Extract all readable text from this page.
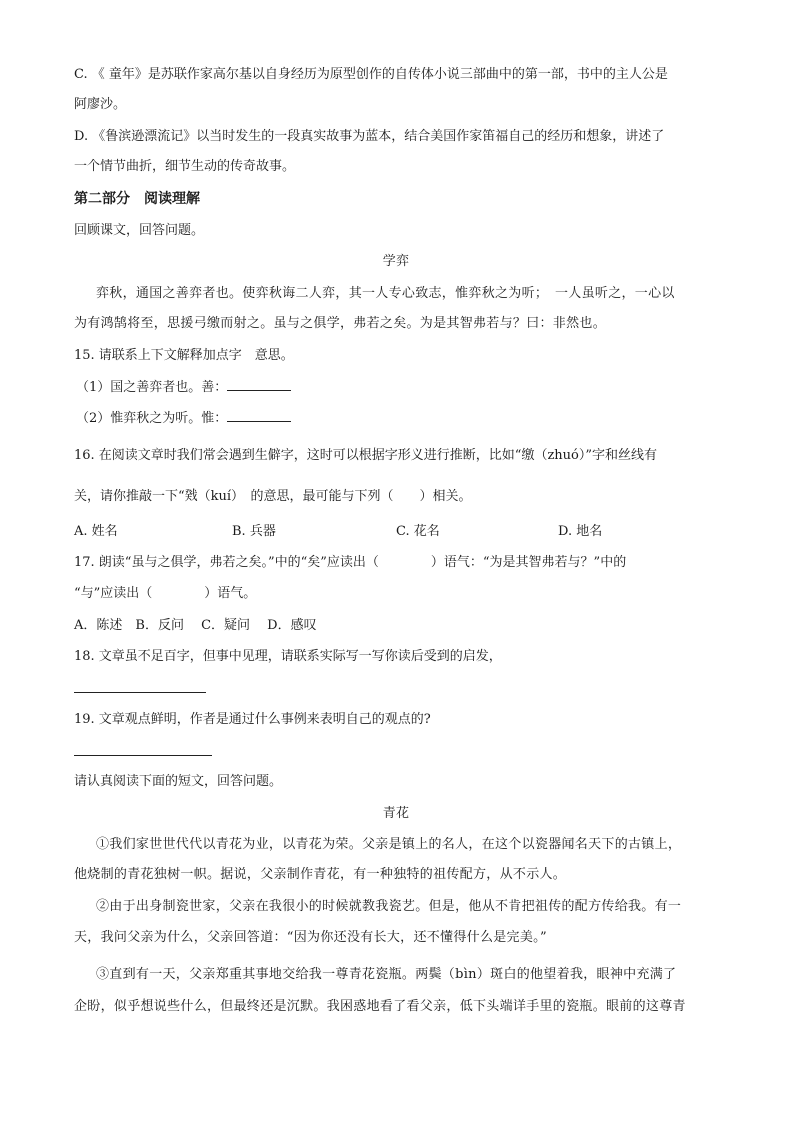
C. 《 童年》是苏联作家高尔基以自身经历为原型创作的自传体小说三部曲中的第一部，书中的主人公是
阿廖沙。
D. 《鲁滨逊漂流记》以当时发生的一段真实故事为蓝本，结合美国作家笛福自己的经历和想象，讲述了
一个情节曲折，细节生动的传奇故事。
第二部分　阅读理解
回顾课文，回答问题。
学弈
弈秋，通国之善弈者也。使弈秋诲二人弈，其一人专心致志，惟弈秋之为听；　一人虽听之，一心以
为有鸿鹄将至，思援弓缴而射之。虽与之俱学，弗若之矣。为是其智弗若与？曰：非然也。
15. 请联系上下文解释加点字　意思。
（1）国之善弈者也。善：
（2）惟弈秋之为听。惟：
16. 在阅读文章时我们常会遇到生僻字，这时可以根据字形义进行推断，比如“缴（zhuó）”字和丝线有
关，请你推敲一下“戣（kuí）　的意思，最可能与下列（　　）相关。
A. 姓名	B. 兵器	C. 花名	D. 地名
17. 朗读“虽与之俱学，弗若之矣。”中的“矣”应读出（	）语气：“为是其智弗若与？”中的
“与”应读出（	）语气。
A．陈述　B．反问　 C．疑问　 D．感叹
18. 文章虽不足百字，但事中见理，请联系实际写一写你读后受到的启发，
19. 文章观点鲜明，作者是通过什么事例来表明自己的观点的?
请认真阅读下面的短文，回答问题。
青花
①我们家世世代代以青花为业，以青花为荣。父亲是镇上的名人，在这个以瓷器闻名天下的古镇上，
他烧制的青花独树一帜。据说，父亲制作青花，有一种独特的祖传配方，从不示人。
②由于出身制瓷世家，父亲在我很小的时候就教我瓷艺。但是，他从不肯把祖传的配方传给我。有一
天，我问父亲为什么，父亲回答道：“因为你还没有长大，还不懂得什么是完美。”
③直到有一天，父亲郑重其事地交给我一尊青花瓷瓶。两鬓（bìn）斑白的他望着我，眼神中充满了
企盼，似乎想说些什么，但最终还是沉默。我困惑地看了看父亲，低下头端详手里的瓷瓶。眼前的这尊青
